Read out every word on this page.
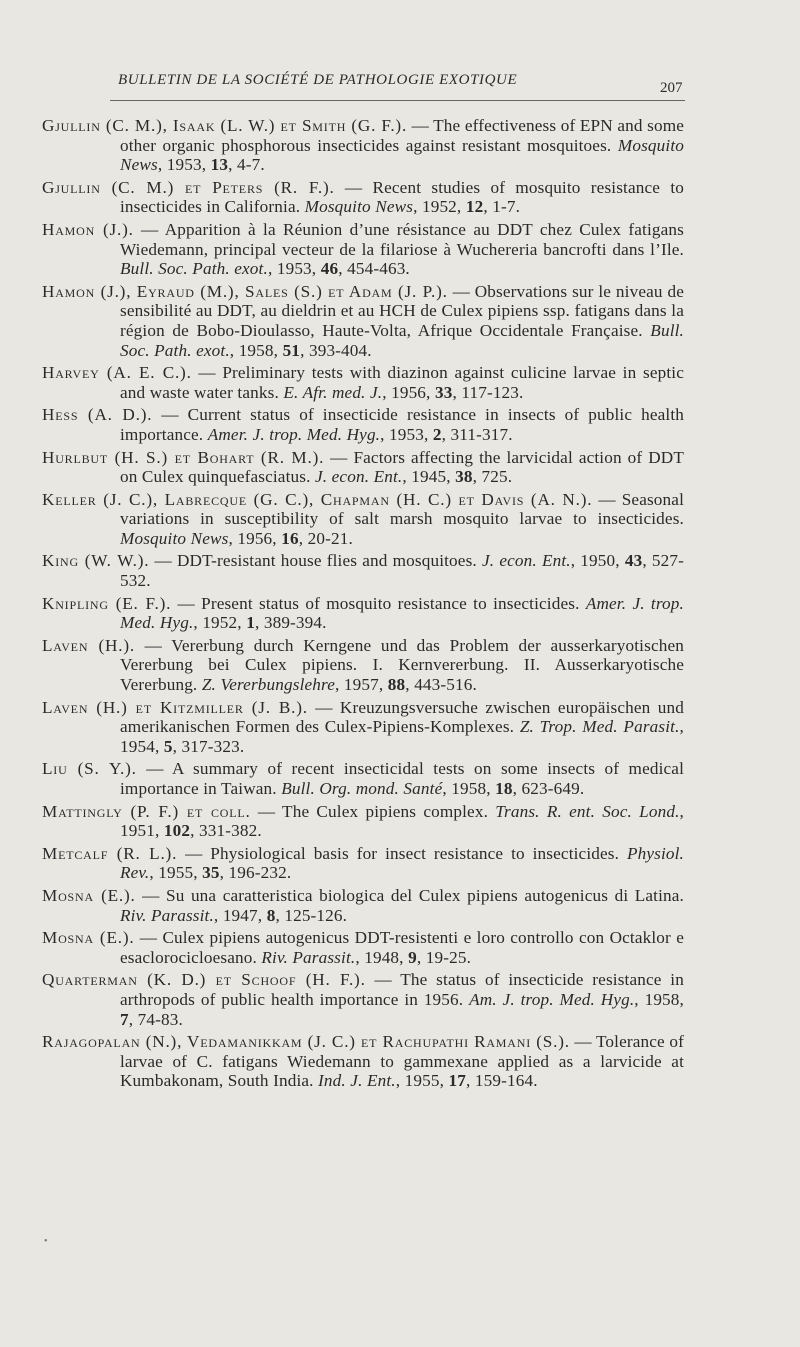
BULLETIN DE LA SOCIÉTÉ DE PATHOLOGIE EXOTIQUE	207
Gjullin (C. M.), Isaak (L. W.) et Smith (G. F.). — The effectiveness of EPN and some other organic phosphorous insecticides against resistant mosquitoes. Mosquito News, 1953, 13, 4-7.
Gjullin (C. M.) et Peters (R. F.). — Recent studies of mosquito resistance to insecticides in California. Mosquito News, 1952, 12, 1-7.
Hamon (J.). — Apparition à la Réunion d’une résistance au DDT chez Culex fatigans Wiedemann, principal vecteur de la filariose à Wuchereria bancrofti dans l’Ile. Bull. Soc. Path. exot., 1953, 46, 454-463.
Hamon (J.), Eyraud (M.), Sales (S.) et Adam (J. P.). — Observations sur le niveau de sensibilité au DDT, au dieldrin et au HCH de Culex pipiens ssp. fatigans dans la région de Bobo-Dioulasso, Haute-Volta, Afrique Occidentale Française. Bull. Soc. Path. exot., 1958, 51, 393-404.
Harvey (A. E. C.). — Preliminary tests with diazinon against culicine larvae in septic and waste water tanks. E. Afr. med. J., 1956, 33, 117-123.
Hess (A. D.). — Current status of insecticide resistance in insects of public health importance. Amer. J. trop. Med. Hyg., 1953, 2, 311-317.
Hurlbut (H. S.) et Bohart (R. M.). — Factors affecting the larvicidal action of DDT on Culex quinquefasciatus. J. econ. Ent., 1945, 38, 725.
Keller (J. C.), Labrecque (G. C.), Chapman (H. C.) et Davis (A. N.). — Seasonal variations in susceptibility of salt marsh mosquito larvae to insecticides. Mosquito News, 1956, 16, 20-21.
King (W. W.). — DDT-resistant house flies and mosquitoes. J. econ. Ent., 1950, 43, 527-532.
Knipling (E. F.). — Present status of mosquito resistance to insecticides. Amer. J. trop. Med. Hyg., 1952, 1, 389-394.
Laven (H.). — Vererbung durch Kerngene und das Problem der ausserkaryotischen Vererbung bei Culex pipiens. I. Kernvererbung. II. Ausserkaryotische Vererbung. Z. Vererbungslehre, 1957, 88, 443-516.
Laven (H.) et Kitzmiller (J. B.). — Kreuzungsversuche zwischen europäischen und amerikanischen Formen des Culex-Pipiens-Komplexes. Z. Trop. Med. Parasit., 1954, 5, 317-323.
Liu (S. Y.). — A summary of recent insecticidal tests on some insects of medical importance in Taiwan. Bull. Org. mond. Santé, 1958, 18, 623-649.
Mattingly (P. F.) et coll. — The Culex pipiens complex. Trans. R. ent. Soc. Lond., 1951, 102, 331-382.
Metcalf (R. L.). — Physiological basis for insect resistance to insecticides. Physiol. Rev., 1955, 35, 196-232.
Mosna (E.). — Su una caratteristica biologica del Culex pipiens autogenicus di Latina. Riv. Parassit., 1947, 8, 125-126.
Mosna (E.). — Culex pipiens autogenicus DDT-resistenti e loro controllo con Octaklor e esaclorocicloesano. Riv. Parassit., 1948, 9, 19-25.
Quarterman (K. D.) et Schoof (H. F.). — The status of insecticide resistance in arthropods of public health importance in 1956. Am. J. trop. Med. Hyg., 1958, 7, 74-83.
Rajagopalan (N.), Vedamanikkam (J. C.) et Rachupathi Ramani (S.). — Tolerance of larvae of C. fatigans Wiedemann to gammexane applied as a larvicide at Kumbakonam, South India. Ind. J. Ent., 1955, 17, 159-164.
•
